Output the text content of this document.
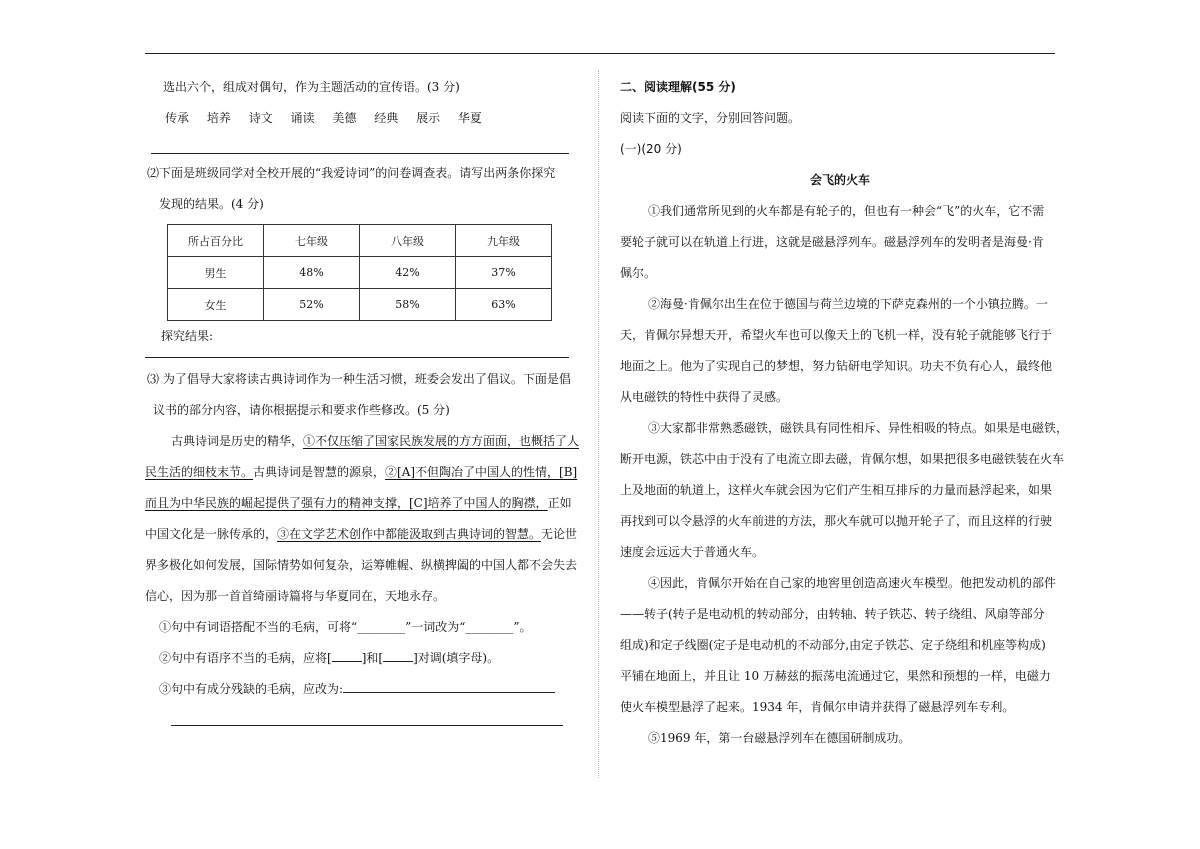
选出六个，组成对偶句，作为主题活动的宣传语。(3 分)
传承 培养 诗文 诵读 美德 经典 展示 华夏
⑵下面是班级同学对全校开展的“我爱诗词”的问卷调查表。请写出两条你探究
发现的结果。(4 分)
所占百分比	七年级	八年级	九年级
男生	48%	42%	37%
女生	52%	58%	63%
探究结果:
⑶ 为了倡导大家将读古典诗词作为一种生活习惯，班委会发出了倡议。下面是倡
议书的部分内容，请你根据提示和要求作些修改。(5 分)
古典诗词是历史的精华，①不仅压缩了国家民族发展的方方面面，也概括了人
民生活的细枝末节。古典诗词是智慧的源泉，②[A]不但陶冶了中国人的性情，[B]
而且为中华民族的崛起提供了强有力的精神支撑，[C]培养了中国人的胸襟，正如
中国文化是一脉传承的，③在文学艺术创作中都能汲取到古典诗词的智慧。无论世
界多极化如何发展，国际情势如何复杂，运筹帷幄、纵横捭阖的中国人都不会失去
信心，因为那一首首绮丽诗篇将与华夏同在，天地永存。
①句中有词语搭配不当的毛病，可将“________”一词改为“________”。
②句中有语序不当的毛病，应将[	]和[	]对调(填字母)。
③句中有成分残缺的毛病，应改为:
二、阅读理解(55 分)
阅读下面的文字，分别回答问题。
(一)(20 分)
会飞的火车
①我们通常所见到的火车都是有轮子的，但也有一种会“飞”的火车，它不需
要轮子就可以在轨道上行进，这就是磁悬浮列车。磁悬浮列车的发明者是海曼·肯
佩尔。
②海曼·肯佩尔出生在位于德国与荷兰边境的下萨克森州的一个小镇拉腾。一
天，肯佩尔异想天开，希望火车也可以像天上的飞机一样，没有轮子就能够飞行于
地面之上。他为了实现自己的梦想，努力钻研电学知识。功夫不负有心人，最终他
从电磁铁的特性中获得了灵感。
③大家都非常熟悉磁铁，磁铁具有同性相斥、异性相吸的特点。如果是电磁铁，
断开电源，铁芯中由于没有了电流立即去磁，肯佩尔想，如果把很多电磁铁装在火车
上及地面的轨道上，这样火车就会因为它们产生相互排斥的力量而悬浮起来，如果
再找到可以令悬浮的火车前进的方法，那火车就可以抛开轮子了，而且这样的行驶
速度会远远大于普通火车。
④因此，肯佩尔开始在自己家的地窖里创造高速火车模型。他把发动机的部件
——转子(转子是电动机的转动部分，由转轴、转子铁芯、转子绕组、风扇等部分
组成)和定子线圈(定子是电动机的不动部分,由定子铁芯、定子绕组和机座等构成)
平铺在地面上，并且让 10 万赫兹的振荡电流通过它，果然和预想的一样，电磁力
使火车模型悬浮了起来。1934 年，肯佩尔申请并获得了磁悬浮列车专利。
⑤1969 年，第一台磁悬浮列车在德国研制成功。
